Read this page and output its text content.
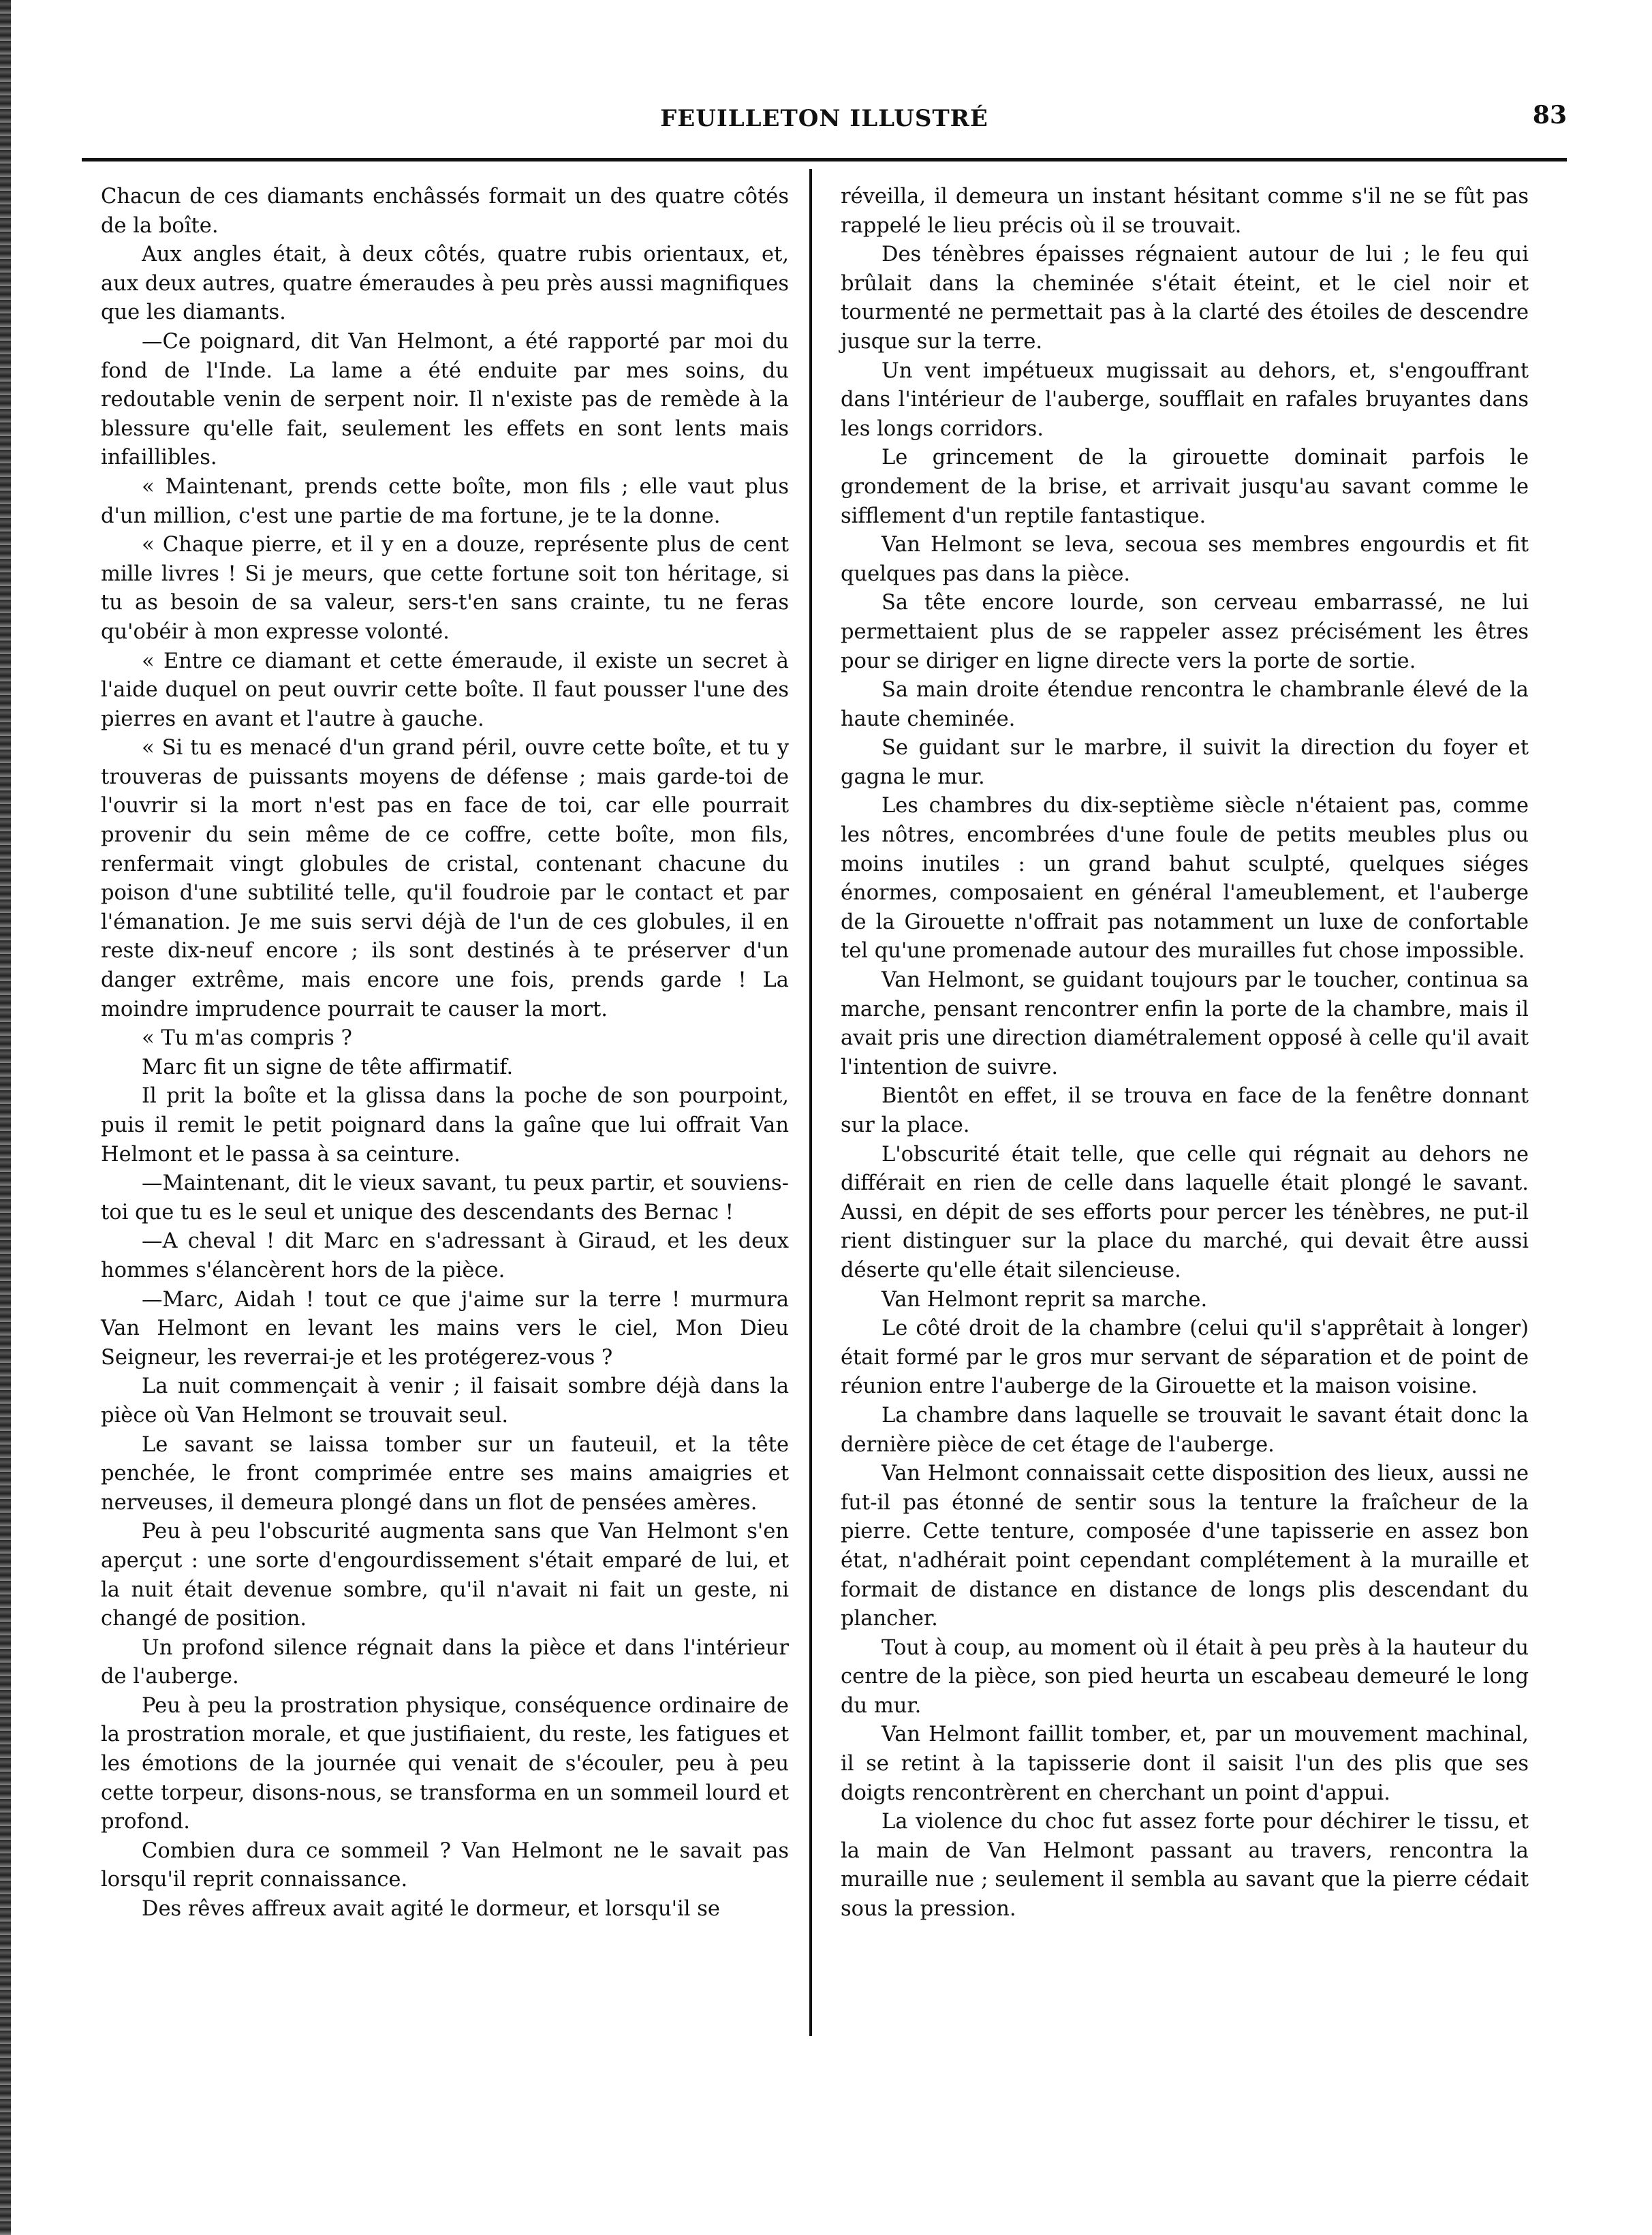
FEUILLETON ILLUSTRÉ	83

Chacun de ces diamants enchâssés formait un des quatre côtés de la boîte.

Aux angles était, à deux côtés, quatre rubis orientaux, et, aux deux autres, quatre émeraudes à peu près aussi magnifiques que les diamants.

—Ce poignard, dit Van Helmont, a été rapporté par moi du fond de l'Inde. La lame a été enduite par mes soins, du redoutable venin de serpent noir. Il n'existe pas de remède à la blessure qu'elle fait, seulement les effets en sont lents mais infaillibles.

« Maintenant, prends cette boîte, mon fils ; elle vaut plus d'un million, c'est une partie de ma fortune, je te la donne.

« Chaque pierre, et il y en a douze, représente plus de cent mille livres ! Si je meurs, que cette fortune soit ton héritage, si tu as besoin de sa valeur, sers-t'en sans crainte, tu ne feras qu'obéir à mon expresse volonté.

« Entre ce diamant et cette émeraude, il existe un secret à l'aide duquel on peut ouvrir cette boîte. Il faut pousser l'une des pierres en avant et l'autre à gauche.

« Si tu es menacé d'un grand péril, ouvre cette boîte, et tu y trouveras de puissants moyens de défense ; mais garde-toi de l'ouvrir si la mort n'est pas en face de toi, car elle pourrait provenir du sein même de ce coffre, cette boîte, mon fils, renfermait vingt globules de cristal, contenant chacune du poison d'une subtilité telle, qu'il foudroie par le contact et par l'émanation. Je me suis servi déjà de l'un de ces globules, il en reste dix-neuf encore ; ils sont destinés à te préserver d'un danger extrême, mais encore une fois, prends garde ! La moindre imprudence pourrait te causer la mort.

« Tu m'as compris ?

Marc fit un signe de tête affirmatif.

Il prit la boîte et la glissa dans la poche de son pourpoint, puis il remit le petit poignard dans la gaîne que lui offrait Van Helmont et le passa à sa ceinture.

—Maintenant, dit le vieux savant, tu peux partir, et souviens-toi que tu es le seul et unique des descendants des Bernac !

—A cheval ! dit Marc en s'adressant à Giraud, et les deux hommes s'élancèrent hors de la pièce.

—Marc, Aidah ! tout ce que j'aime sur la terre ! murmura Van Helmont en levant les mains vers le ciel, Mon Dieu Seigneur, les reverrai-je et les protégerez-vous ?

La nuit commençait à venir ; il faisait sombre déjà dans la pièce où Van Helmont se trouvait seul.

Le savant se laissa tomber sur un fauteuil, et la tête penchée, le front comprimée entre ses mains amaigries et nerveuses, il demeura plongé dans un flot de pensées amères.

Peu à peu l'obscurité augmenta sans que Van Helmont s'en aperçut : une sorte d'engourdissement s'était emparé de lui, et la nuit était devenue sombre, qu'il n'avait ni fait un geste, ni changé de position.

Un profond silence régnait dans la pièce et dans l'intérieur de l'auberge.

Peu à peu la prostration physique, conséquence ordinaire de la prostration morale, et que justifiaient, du reste, les fatigues et les émotions de la journée qui venait de s'écouler, peu à peu cette torpeur, disons-nous, se transforma en un sommeil lourd et profond.

Combien dura ce sommeil ? Van Helmont ne le savait pas lorsqu'il reprit connaissance.

Des rêves affreux avait agité le dormeur, et lorsqu'il se

réveilla, il demeura un instant hésitant comme s'il ne se fût pas rappelé le lieu précis où il se trouvait.

Des ténèbres épaisses régnaient autour de lui ; le feu qui brûlait dans la cheminée s'était éteint, et le ciel noir et tourmenté ne permettait pas à la clarté des étoiles de descendre jusque sur la terre.

Un vent impétueux mugissait au dehors, et, s'engouffrant dans l'intérieur de l'auberge, soufflait en rafales bruyantes dans les longs corridors.

Le grincement de la girouette dominait parfois le grondement de la brise, et arrivait jusqu'au savant comme le sifflement d'un reptile fantastique.

Van Helmont se leva, secoua ses membres engourdis et fit quelques pas dans la pièce.

Sa tête encore lourde, son cerveau embarrassé, ne lui permettaient plus de se rappeler assez précisément les êtres pour se diriger en ligne directe vers la porte de sortie.

Sa main droite étendue rencontra le chambranle élevé de la haute cheminée.

Se guidant sur le marbre, il suivit la direction du foyer et gagna le mur.

Les chambres du dix-septième siècle n'étaient pas, comme les nôtres, encombrées d'une foule de petits meubles plus ou moins inutiles : un grand bahut sculpté, quelques siéges énormes, composaient en général l'ameublement, et l'auberge de la Girouette n'offrait pas notamment un luxe de confortable tel qu'une promenade autour des murailles fut chose impossible.

Van Helmont, se guidant toujours par le toucher, continua sa marche, pensant rencontrer enfin la porte de la chambre, mais il avait pris une direction diamétralement opposé à celle qu'il avait l'intention de suivre.

Bientôt en effet, il se trouva en face de la fenêtre donnant sur la place.

L'obscurité était telle, que celle qui régnait au dehors ne différait en rien de celle dans laquelle était plongé le savant. Aussi, en dépit de ses efforts pour percer les ténèbres, ne put-il rient distinguer sur la place du marché, qui devait être aussi déserte qu'elle était silencieuse.

Van Helmont reprit sa marche.

Le côté droit de la chambre (celui qu'il s'apprêtait à longer) était formé par le gros mur servant de séparation et de point de réunion entre l'auberge de la Girouette et la maison voisine.

La chambre dans laquelle se trouvait le savant était donc la dernière pièce de cet étage de l'auberge.

Van Helmont connaissait cette disposition des lieux, aussi ne fut-il pas étonné de sentir sous la tenture la fraîcheur de la pierre. Cette tenture, composée d'une tapisserie en assez bon état, n'adhérait point cependant complétement à la muraille et formait de distance en distance de longs plis descendant du plancher.

Tout à coup, au moment où il était à peu près à la hauteur du centre de la pièce, son pied heurta un escabeau demeuré le long du mur.

Van Helmont faillit tomber, et, par un mouvement machinal, il se retint à la tapisserie dont il saisit l'un des plis que ses doigts rencontrèrent en cherchant un point d'appui.

La violence du choc fut assez forte pour déchirer le tissu, et la main de Van Helmont passant au travers, rencontra la muraille nue ; seulement il sembla au savant que la pierre cédait sous la pression.
